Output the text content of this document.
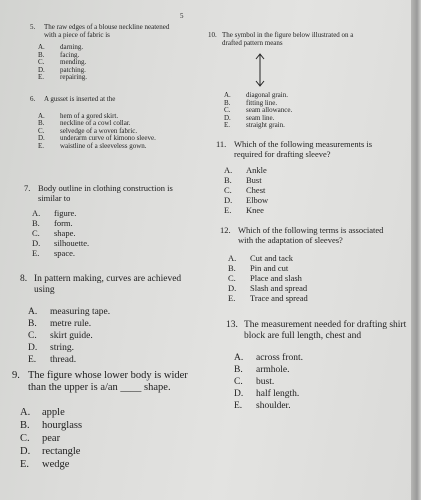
5
5.	The raw edges of a blouse neckline neatened with a piece of fabric is
A.	darning.
B.	facing.
C.	mending.
D.	patching.
E.	repairing.
6.	A gusset is inserted at the
A.	hem of a gored skirt.
B.	neckline of a cowl collar.
C.	selvedge of a woven fabric.
D.	underarm curve of kimono sleeve.
E.	waistline of a sleeveless gown.
7. Body outline in clothing construction is similar to
A.	figure.
B.	form.
C.	shape.
D.	silhouette.
E.	space.
8. In pattern making, curves are achieved using
A.	measuring tape.
B.	metre rule.
C.	skirt guide.
D.	string.
E.	thread.
9. The figure whose lower body is wider than the upper is a/an ____ shape.
A.	apple
B.	hourglass
C.	pear
D.	rectangle
E.	wedge
10. The symbol in the figure below illustrated on a drafted pattern means
A.	diagonal grain.
B.	fitting line.
C.	seam allowance.
D.	seam line.
E.	straight grain.
11. Which of the following measurements is required for drafting sleeve?
A.	Ankle
B.	Bust
C.	Chest
D.	Elbow
E.	Knee
12. Which of the following terms is associated with the adaptation of sleeves?
A.	Cut and tack
B.	Pin and cut
C.	Place and slash
D.	Slash and spread
E.	Trace and spread
13. The measurement needed for drafting shirt block are full length, chest and
A.	across front.
B.	armhole.
C.	bust.
D.	half length.
E.	shoulder.
